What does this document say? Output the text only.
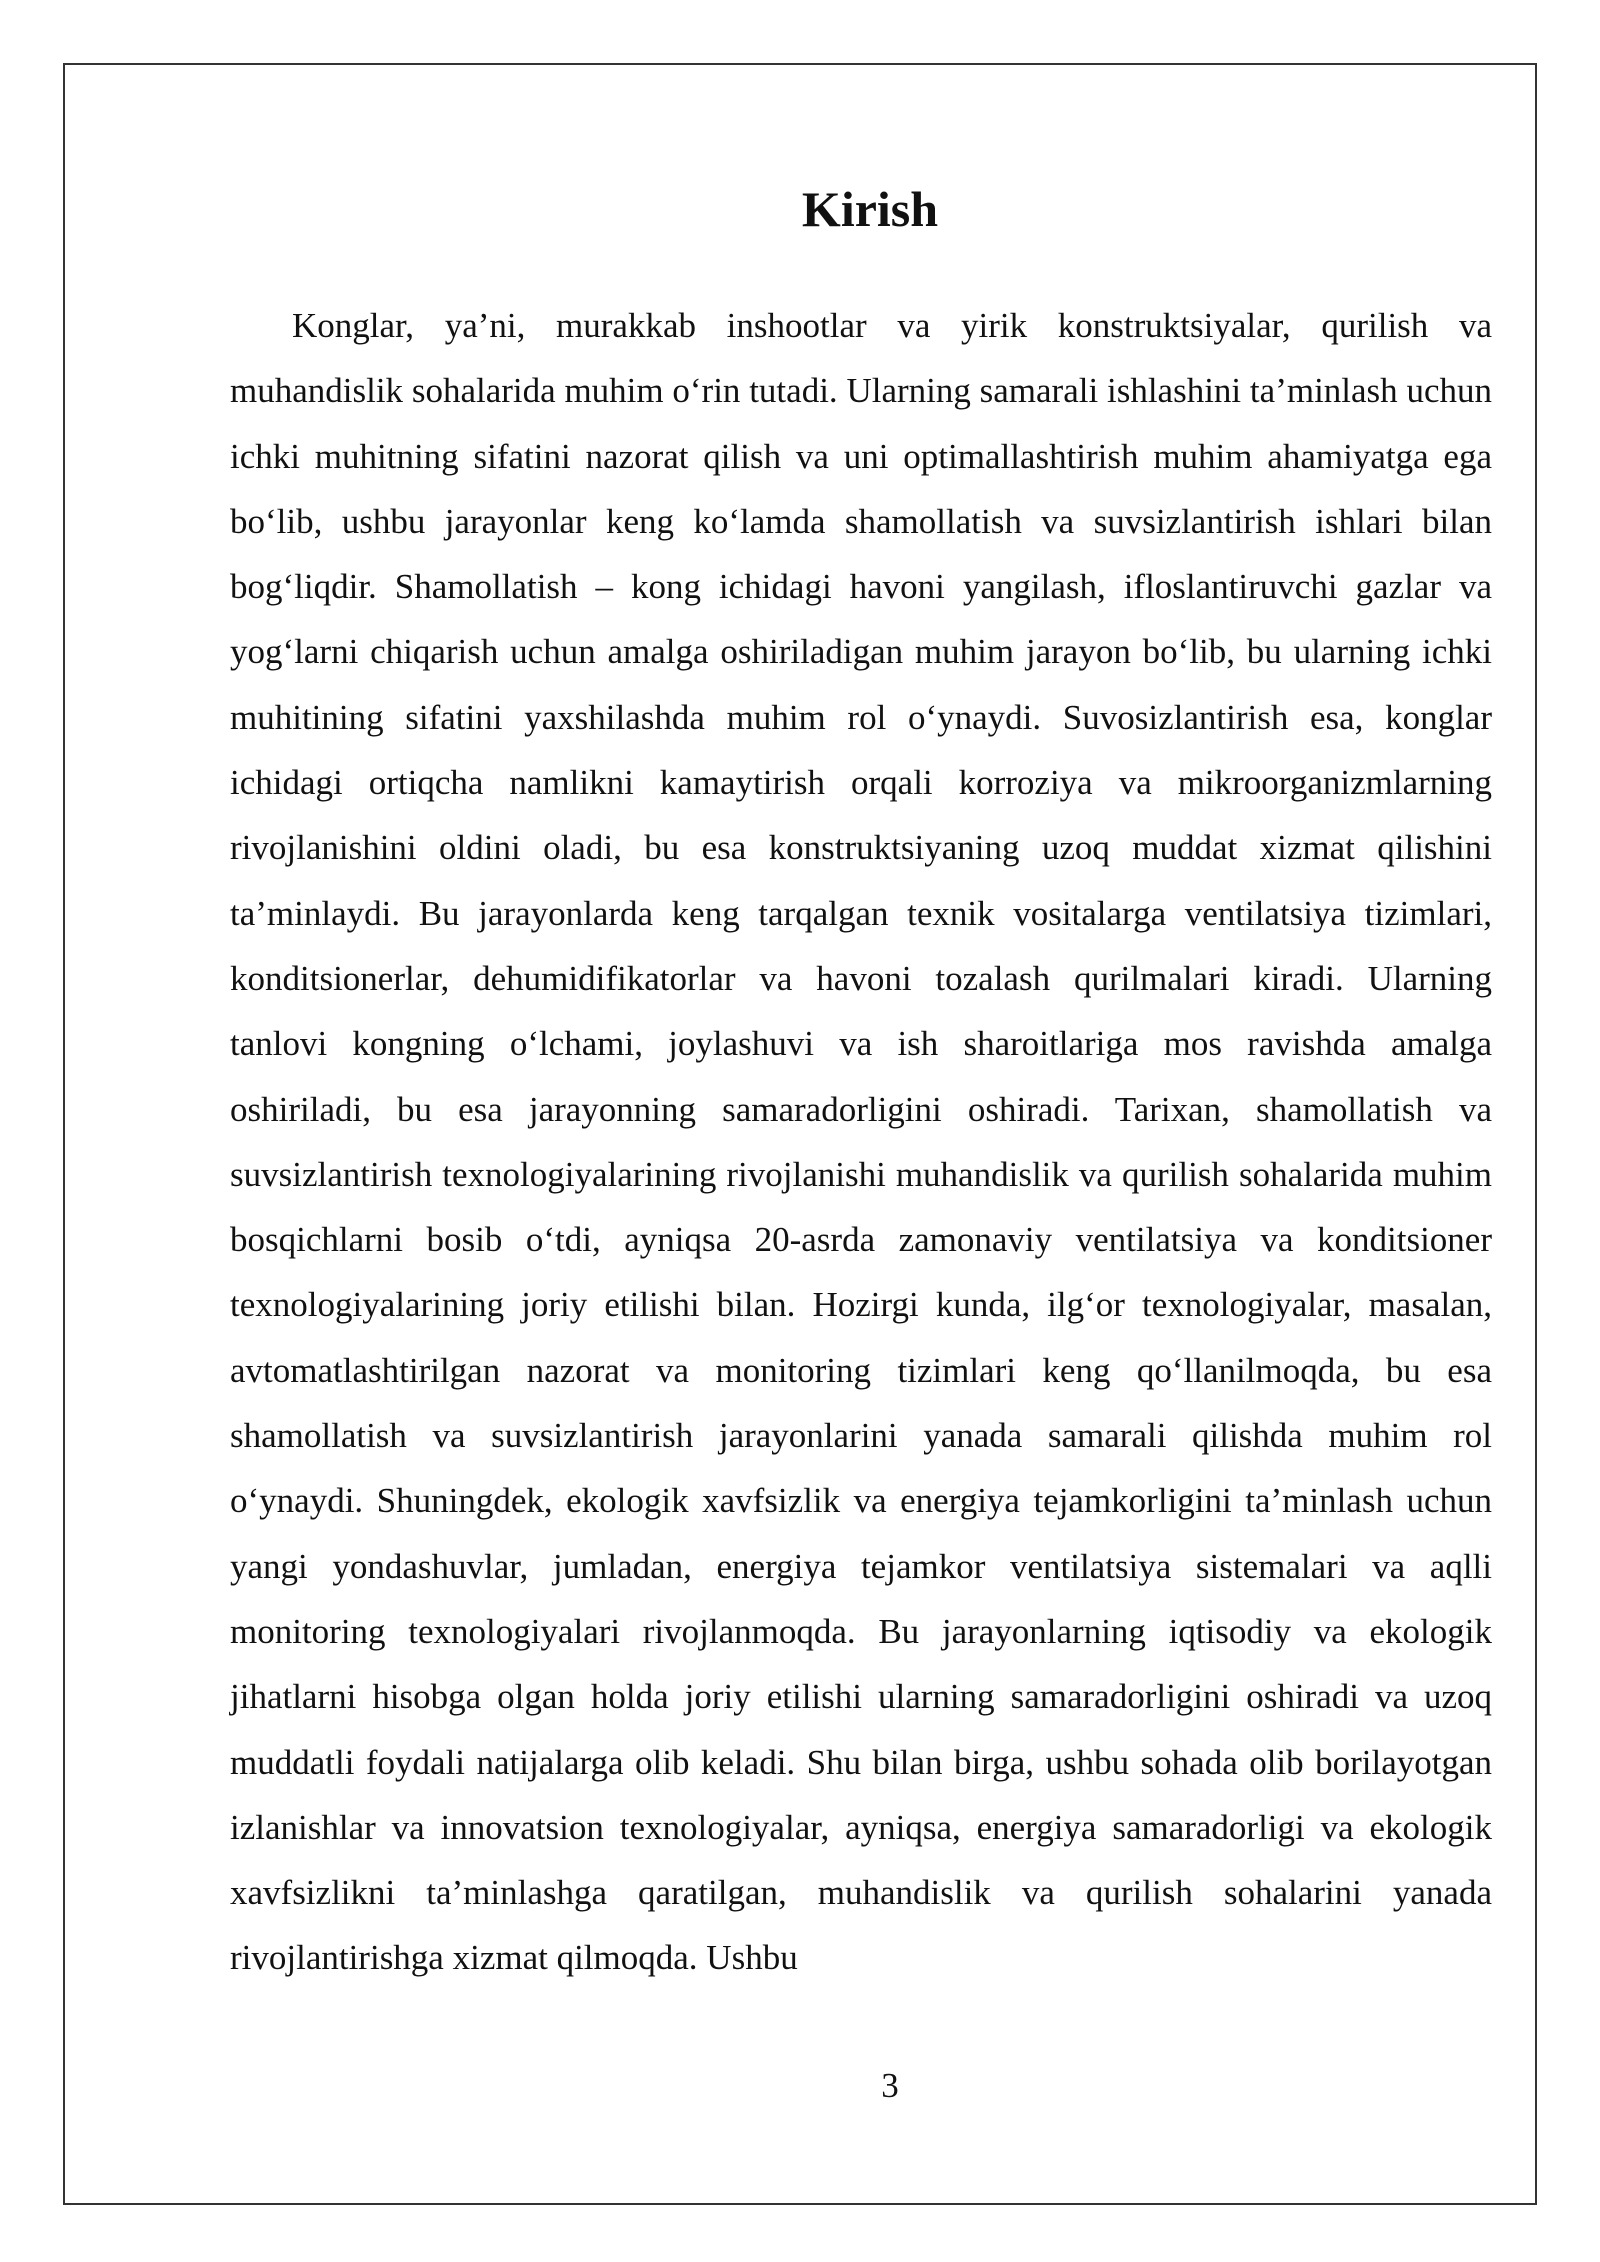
Kirish

Konglar, ya’ni, murakkab inshootlar va yirik konstruktsiyalar, qurilish va muhandislik sohalarida muhim o‘rin tutadi. Ularning samarali ishlashini ta’minlash uchun ichki muhitning sifatini nazorat qilish va uni optimallashtirish muhim ahamiyatga ega bo‘lib, ushbu jarayonlar keng ko‘lamda shamollatish va suvsizlantirish ishlari bilan bog‘liqdir. Shamollatish – kong ichidagi havoni yangilash, ifloslantiruvchi gazlar va yog‘larni chiqarish uchun amalga oshiriladigan muhim jarayon bo‘lib, bu ularning ichki muhitining sifatini yaxshilashda muhim rol o‘ynaydi. Suvosizlantirish esa, konglar ichidagi ortiqcha namlikni kamaytirish orqali korroziya va mikroorganizmlarning rivojlanishini oldini oladi, bu esa konstruktsiyaning uzoq muddat xizmat qilishini ta’minlaydi. Bu jarayonlarda keng tarqalgan texnik vositalarga ventilatsiya tizimlari, konditsionerlar, dehumidifikatorlar va havoni tozalash qurilmalari kiradi. Ularning tanlovi kongning o‘lchami, joylashuvi va ish sharoitlariga mos ravishda amalga oshiriladi, bu esa jarayonning samaradorligini oshiradi. Tarixan, shamollatish va suvsizlantirish texnologiyalarining rivojlanishi muhandislik va qurilish sohalarida muhim bosqichlarni bosib o‘tdi, ayniqsa 20-asrda zamonaviy ventilatsiya va konditsioner texnologiyalarining joriy etilishi bilan. Hozirgi kunda, ilg‘or texnologiyalar, masalan, avtomatlashtirilgan nazorat va monitoring tizimlari keng qo‘llanilmoqda, bu esa shamollatish va suvsizlantirish jarayonlarini yanada samarali qilishda muhim rol o‘ynaydi. Shuningdek, ekologik xavfsizlik va energiya tejamkorligini ta’minlash uchun yangi yondashuvlar, jumladan, energiya tejamkor ventilatsiya sistemalari va aqlli monitoring texnologiyalari rivojlanmoqda. Bu jarayonlarning iqtisodiy va ekologik jihatlarni hisobga olgan holda joriy etilishi ularning samaradorligini oshiradi va uzoq muddatli foydali natijalarga olib keladi. Shu bilan birga, ushbu sohada olib borilayotgan izlanishlar va innovatsion texnologiyalar, ayniqsa, energiya samaradorligi va ekologik xavfsizlikni ta’minlashga qaratilgan, muhandislik va qurilish sohalarini yanada rivojlantirishga xizmat qilmoqda. Ushbu

3
